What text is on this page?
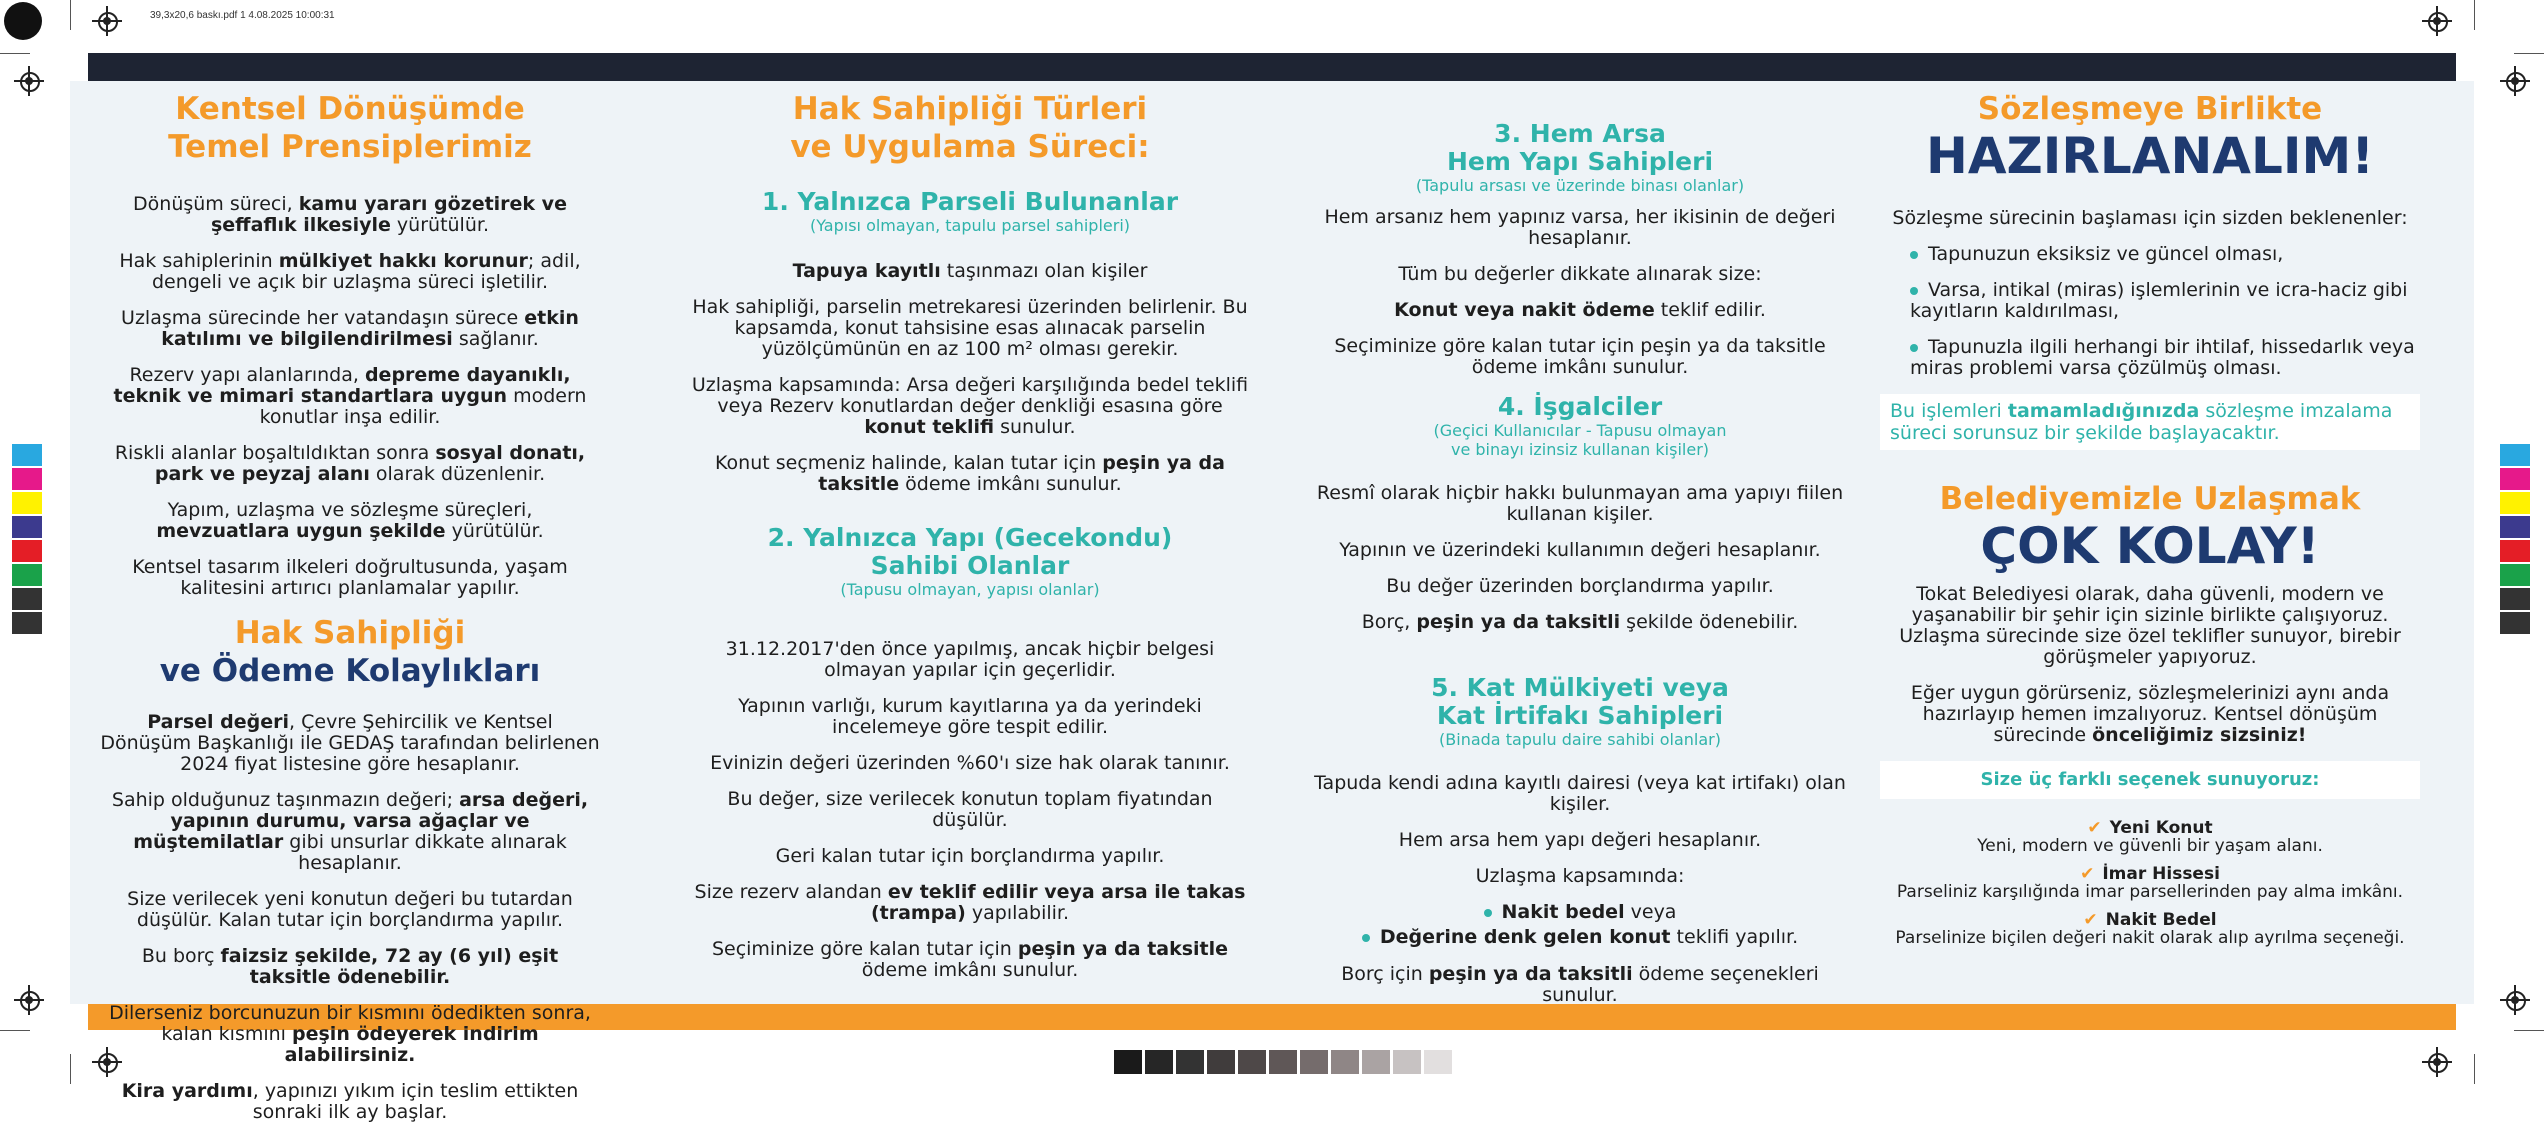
39,3x20,6 baskı.pdf 1 4.08.2025 10:00:31
Kentsel Dönüşümde
Temel Prensiplerimiz

Dönüşüm süreci, kamu yararı gözetirek ve şeffaflık ilkesiyle yürütülür.

Hak sahiplerinin mülkiyet hakkı korunur; adil, dengeli ve açık bir uzlaşma süreci işletilir.

Uzlaşma sürecinde her vatandaşın sürece etkin katılımı ve bilgilendirilmesi sağlanır.

Rezerv yapı alanlarında, depreme dayanıklı, teknik ve mimari standartlara uygun modern konutlar inşa edilir.

Riskli alanlar boşaltıldıktan sonra sosyal donatı, park ve peyzaj alanı olarak düzenlenir.

Yapım, uzlaşma ve sözleşme süreçleri, mevzuatlara uygun şekilde yürütülür.

Kentsel tasarım ilkeleri doğrultusunda, yaşam kalitesini artırıcı planlamalar yapılır.

Hak Sahipliği
ve Ödeme Kolaylıkları

Parsel değeri, Çevre Şehircilik ve Kentsel Dönüşüm Başkanlığı ile GEDAŞ tarafından belirlenen 2024 fiyat listesine göre hesaplanır.

Sahip olduğunuz taşınmazın değeri; arsa değeri, yapının durumu, varsa ağaçlar ve müştemilatlar gibi unsurlar dikkate alınarak hesaplanır.

Size verilecek yeni konutun değeri bu tutardan düşülür. Kalan tutar için borçlandırma yapılır.

Bu borç faizsiz şekilde, 72 ay (6 yıl) eşit taksitle ödenebilir.

Dilerseniz borcunuzun bir kısmını ödedikten sonra, kalan kısmını peşin ödeyerek indirim alabilirsiniz.

Kira yardımı, yapınızı yıkım için teslim ettikten sonraki ilk ay başlar.

Hak Sahipliği Türleri
ve Uygulama Süreci:
1. Yalnızca Parseli Bulunanlar
(Yapısı olmayan, tapulu parsel sahipleri)

Tapuya kayıtlı taşınmazı olan kişiler

Hak sahipliği, parselin metrekaresi üzerinden belirlenir. Bu kapsamda, konut tahsisine esas alınacak parselin yüzölçümünün en az 100 m² olması gerekir.

Uzlaşma kapsamında: Arsa değeri karşılığında bedel teklifi veya Rezerv konutlardan değer denkliği esasına göre konut teklifi sunulur.

Konut seçmeniz halinde, kalan tutar için peşin ya da taksitle ödeme imkânı sunulur.

2. Yalnızca Yapı (Gecekondu)
Sahibi Olanlar
(Tapusu olmayan, yapısı olanlar)

31.12.2017'den önce yapılmış, ancak hiçbir belgesi olmayan yapılar için geçerlidir.

Yapının varlığı, kurum kayıtlarına ya da yerindeki incelemeye göre tespit edilir.

Evinizin değeri üzerinden %60'ı size hak olarak tanınır.

Bu değer, size verilecek konutun toplam fiyatından düşülür.

Geri kalan tutar için borçlandırma yapılır.

Size rezerv alandan ev teklif edilir veya arsa ile takas (trampa) yapılabilir.

Seçiminize göre kalan tutar için peşin ya da taksitle ödeme imkânı sunulur.

3. Hem Arsa
Hem Yapı Sahipleri
(Tapulu arsası ve üzerinde binası olanlar)

Hem arsanız hem yapınız varsa, her ikisinin de değeri hesaplanır.

Tüm bu değerler dikkate alınarak size:

Konut veya nakit ödeme teklif edilir.

Seçiminize göre kalan tutar için peşin ya da taksitle ödeme imkânı sunulur.

4. İşgalciler
(Geçici Kullanıcılar - Tapusu olmayan
ve binayı izinsiz kullanan kişiler)

Resmî olarak hiçbir hakkı bulunmayan ama yapıyı fiilen kullanan kişiler.

Yapının ve üzerindeki kullanımın değeri hesaplanır.

Bu değer üzerinden borçlandırma yapılır.

Borç, peşin ya da taksitli şekilde ödenebilir.

5. Kat Mülkiyeti veya
Kat İrtifakı Sahipleri
(Binada tapulu daire sahibi olanlar)

Tapuda kendi adına kayıtlı dairesi (veya kat irtifakı) olan kişiler.

Hem arsa hem yapı değeri hesaplanır.

Uzlaşma kapsamında:

Nakit bedel veya

Değerine denk gelen konut teklifi yapılır.

Borç için peşin ya da taksitli ödeme seçenekleri sunulur.

Sözleşmeye Birlikte
HAZIRLANALIM!

Sözleşme sürecinin başlaması için sizden beklenenler:

Tapunuzun eksiksiz ve güncel olması,

Varsa, intikal (miras) işlemlerinin ve icra-haciz gibi kayıtların kaldırılması,

Tapunuzla ilgili herhangi bir ihtilaf, hissedarlık veya miras problemi varsa çözülmüş olması.

Bu işlemleri tamamladığınızda sözleşme imzalama süreci sorunsuz bir şekilde başlayacaktır.
Belediyemizle Uzlaşmak
ÇOK KOLAY!

Tokat Belediyesi olarak, daha güvenli, modern ve yaşanabilir bir şehir için sizinle birlikte çalışıyoruz. Uzlaşma sürecinde size özel teklifler sunuyor, birebir görüşmeler yapıyoruz.

Eğer uygun görürseniz, sözleşmelerinizi aynı anda hazırlayıp hemen imzalıyoruz. Kentsel dönüşüm sürecinde önceliğimiz sizsiniz!

Size üç farklı seçenek sunuyoruz:
✔ Yeni Konut
Yeni, modern ve güvenli bir yaşam alanı.
✔ İmar Hissesi
Parseliniz karşılığında imar parsellerinden pay alma imkânı.
✔ Nakit Bedel
Parselinize biçilen değeri nakit olarak alıp ayrılma seçeneği.
